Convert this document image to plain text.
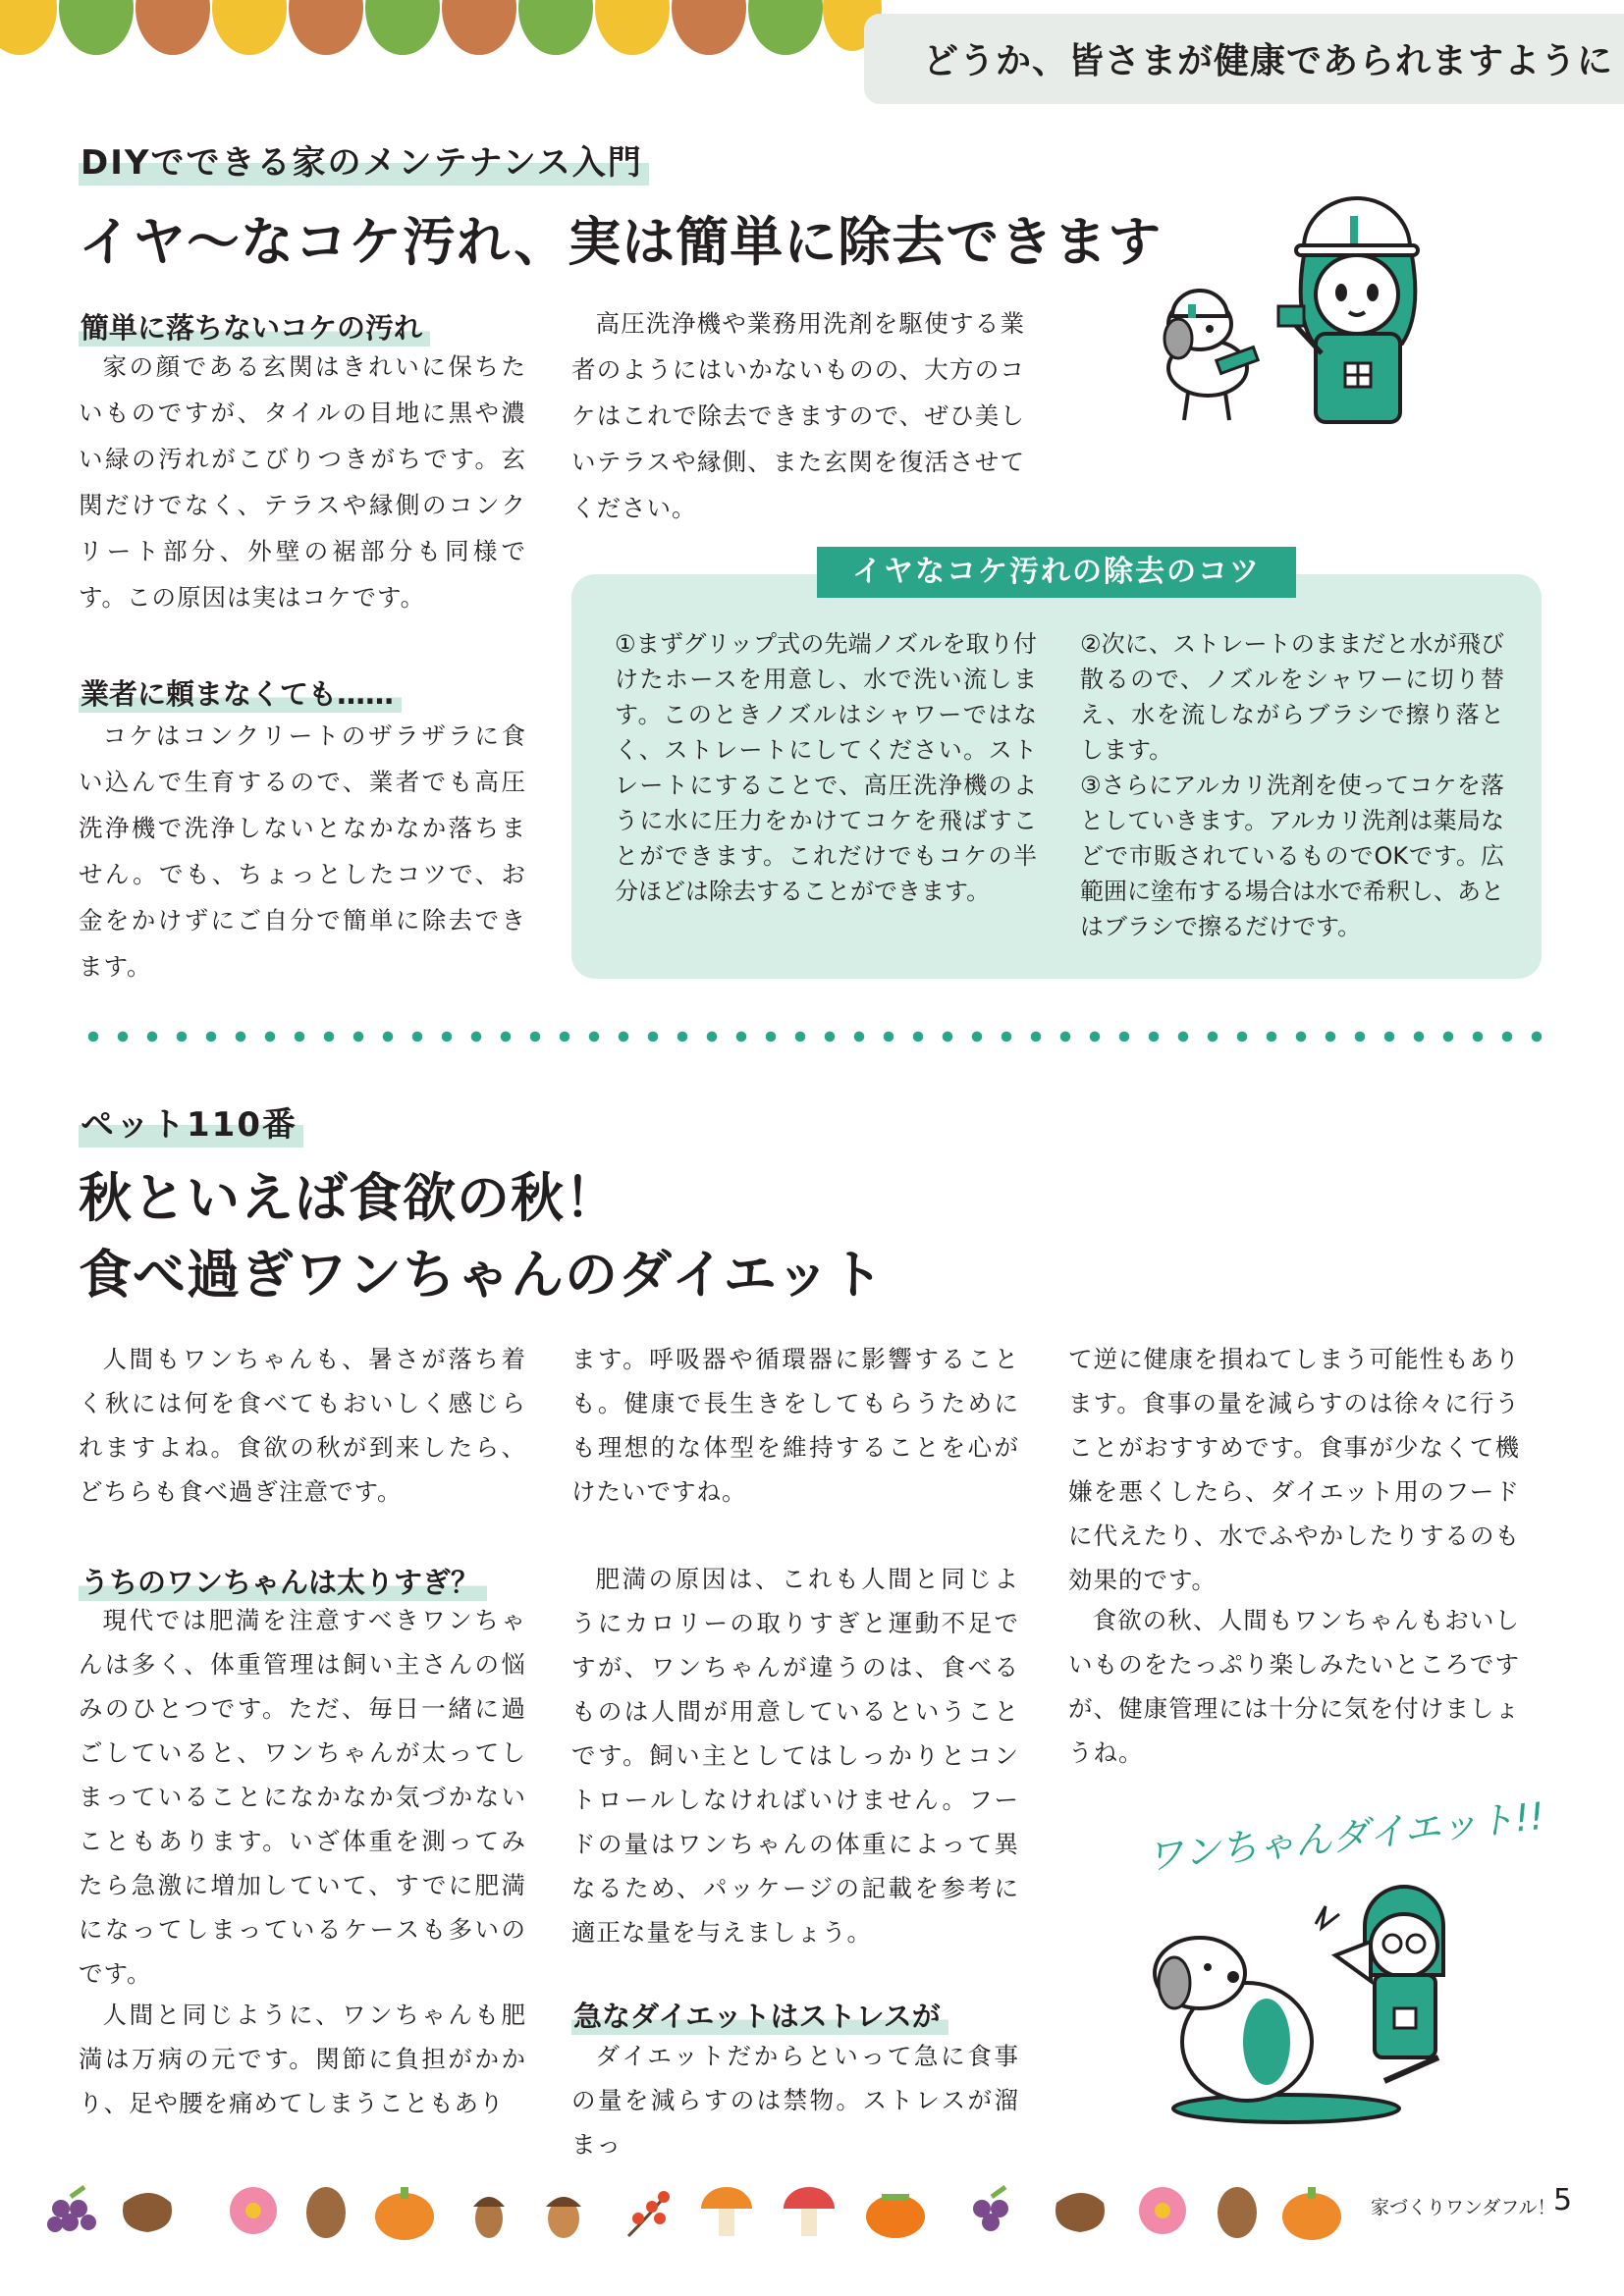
どうか、皆さまが健康であられますように
DIYでできる家のメンテナンス入門
イヤ～なコケ汚れ、実は簡単に除去できます
簡単に落ちないコケの汚れ
家の顔である玄関はきれいに保ちたいものですが、タイルの目地に黒や濃い緑の汚れがこびりつきがちです。玄関だけでなく、テラスや縁側のコンクリート部分、外壁の裾部分も同様です。この原因は実はコケです。
業者に頼まなくても……
コケはコンクリートのザラザラに食い込んで生育するので、業者でも高圧洗浄機で洗浄しないとなかなか落ちません。でも、ちょっとしたコツで、お金をかけずにご自分で簡単に除去できます。
高圧洗浄機や業務用洗剤を駆使する業者のようにはいかないものの、大方のコケはこれで除去できますので、ぜひ美しいテラスや縁側、また玄関を復活させてください。
イヤなコケ汚れの除去のコツ
①まずグリップ式の先端ノズルを取り付けたホースを用意し、水で洗い流します。このときノズルはシャワーではなく、ストレートにしてください。ストレートにすることで、高圧洗浄機のように水に圧力をかけてコケを飛ばすことができます。これだけでもコケの半分ほどは除去することができます。
②次に、ストレートのままだと水が飛び散るので、ノズルをシャワーに切り替え、水を流しながらブラシで擦り落とします。
③さらにアルカリ洗剤を使ってコケを落としていきます。アルカリ洗剤は薬局などで市販されているものでOKです。広範囲に塗布する場合は水で希釈し、あとはブラシで擦るだけです。
ペット110番
秋といえば食欲の秋！
食べ過ぎワンちゃんのダイエット
人間もワンちゃんも、暑さが落ち着く秋には何を食べてもおいしく感じられますよね。食欲の秋が到来したら、どちらも食べ過ぎ注意です。
うちのワンちゃんは太りすぎ？
現代では肥満を注意すべきワンちゃんは多く、体重管理は飼い主さんの悩みのひとつです。ただ、毎日一緒に過ごしていると、ワンちゃんが太ってしまっていることになかなか気づかないこともあります。いざ体重を測ってみたら急激に増加していて、すでに肥満になってしまっているケースも多いのです。
人間と同じように、ワンちゃんも肥満は万病の元です。関節に負担がかかり、足や腰を痛めてしまうこともあり
ます。呼吸器や循環器に影響することも。健康で長生きをしてもらうためにも理想的な体型を維持することを心がけたいですね。
肥満の原因は、これも人間と同じようにカロリーの取りすぎと運動不足ですが、ワンちゃんが違うのは、食べるものは人間が用意しているということです。飼い主としてはしっかりとコントロールしなければいけません。フードの量はワンちゃんの体重によって異なるため、パッケージの記載を参考に適正な量を与えましょう。
急なダイエットはストレスが
ダイエットだからといって急に食事の量を減らすのは禁物。ストレスが溜まっ
て逆に健康を損ねてしまう可能性もあります。食事の量を減らすのは徐々に行うことがおすすめです。食事が少なくて機嫌を悪くしたら、ダイエット用のフードに代えたり、水でふやかしたりするのも効果的です。
食欲の秋、人間もワンちゃんもおいしいものをたっぷり楽しみたいところですが、健康管理には十分に気を付けましょうね。
ワンちゃんダイエット!!
家づくりワンダフル！
5
